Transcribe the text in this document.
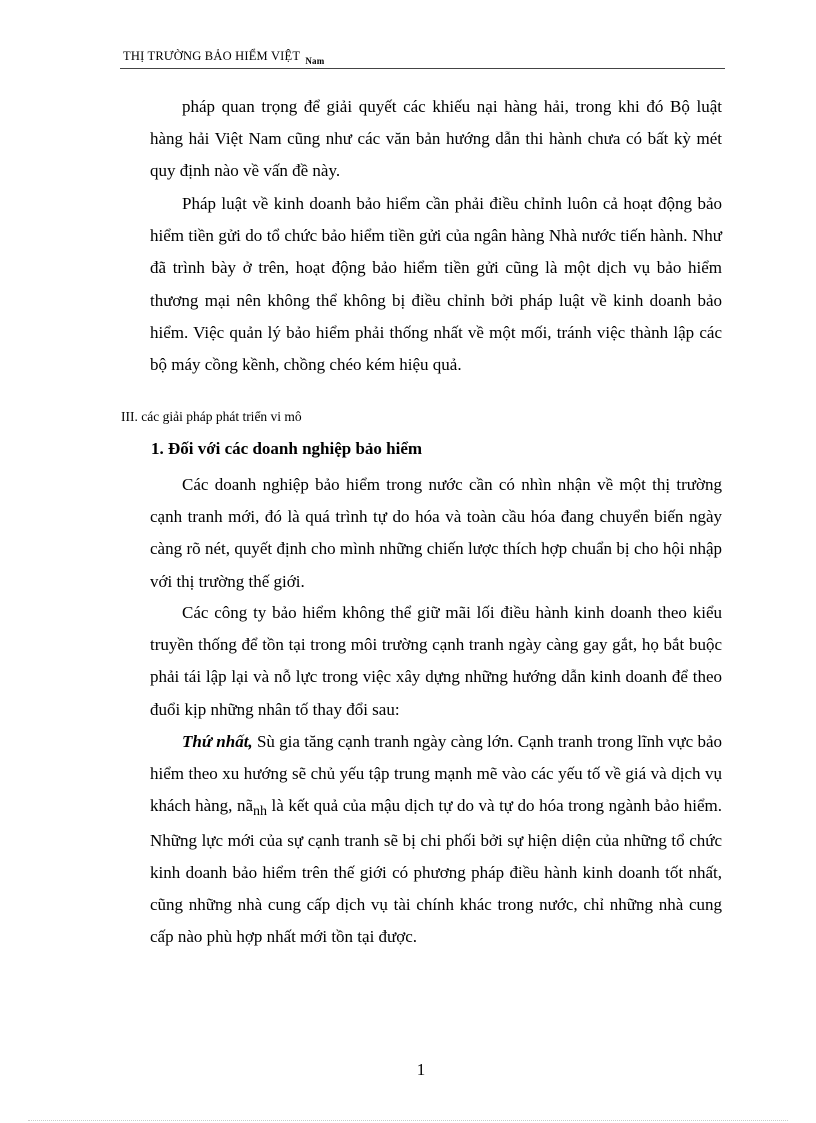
THỊ TRƯỜNG BẢO HIỂM VIỆT $_{Nam}$
pháp quan trọng để giải quyết các khiếu nại hàng hải, trong khi đó Bộ luật hàng hải Việt Nam cũng như các văn bản hướng dẫn thi hành chưa có bất kỳ mét quy định nào về vấn đề này.
Pháp luật về kinh doanh bảo hiểm cần phải điều chỉnh luôn cả hoạt động bảo hiểm tiền gửi do tổ chức bảo hiểm tiền gửi của ngân hàng Nhà nước tiến hành. Như đã trình bày ở trên, hoạt động bảo hiểm tiền gửi cũng là một dịch vụ bảo hiểm thương mại nên không thể không bị điều chỉnh bởi pháp luật về kinh doanh bảo hiểm. Việc quản lý bảo hiểm phải thống nhất về một mối, tránh việc thành lập các bộ máy cồng kềnh, chồng chéo kém hiệu quả.
III. các giải pháp phát triển vi mô
1. Đối với các doanh nghiệp bảo hiểm
Các doanh nghiệp bảo hiểm trong nước cần có nhìn nhận về một thị trường cạnh tranh mới, đó là quá trình tự do hóa và toàn cầu hóa đang chuyển biến ngày càng rõ nét, quyết định cho mình những chiến lược thích hợp chuẩn bị cho hội nhập với thị trường thế giới.
Các công ty bảo hiểm không thể giữ mãi lối điều hành kinh doanh theo kiểu truyền thống để tồn tại trong môi trường cạnh tranh ngày càng gay gắt, họ bắt buộc phải tái lập lại và nỗ lực trong việc xây dựng những hướng dẫn kinh doanh để theo đuổi kịp những nhân tố thay đổi sau:
Thứ nhất, Sù gia tăng cạnh tranh ngày càng lớn. Cạnh tranh trong lĩnh vực bảo hiểm theo xu hướng sẽ chủ yếu tập trung mạnh mẽ vào các yếu tố về giá và dịch vụ khách hàng, $nã_{nh}$ là kết quả của mậu dịch tự do và tự do hóa trong ngành bảo hiểm. Những lực mới của sự cạnh tranh sẽ bị chi phối bởi sự hiện diện của những tổ chức kinh doanh bảo hiểm trên thế giới có phương pháp điều hành kinh doanh tốt nhất, cũng những nhà cung cấp dịch vụ tài chính khác trong nước, chỉ những nhà cung cấp nào phù hợp nhất mới tồn tại được.
1
